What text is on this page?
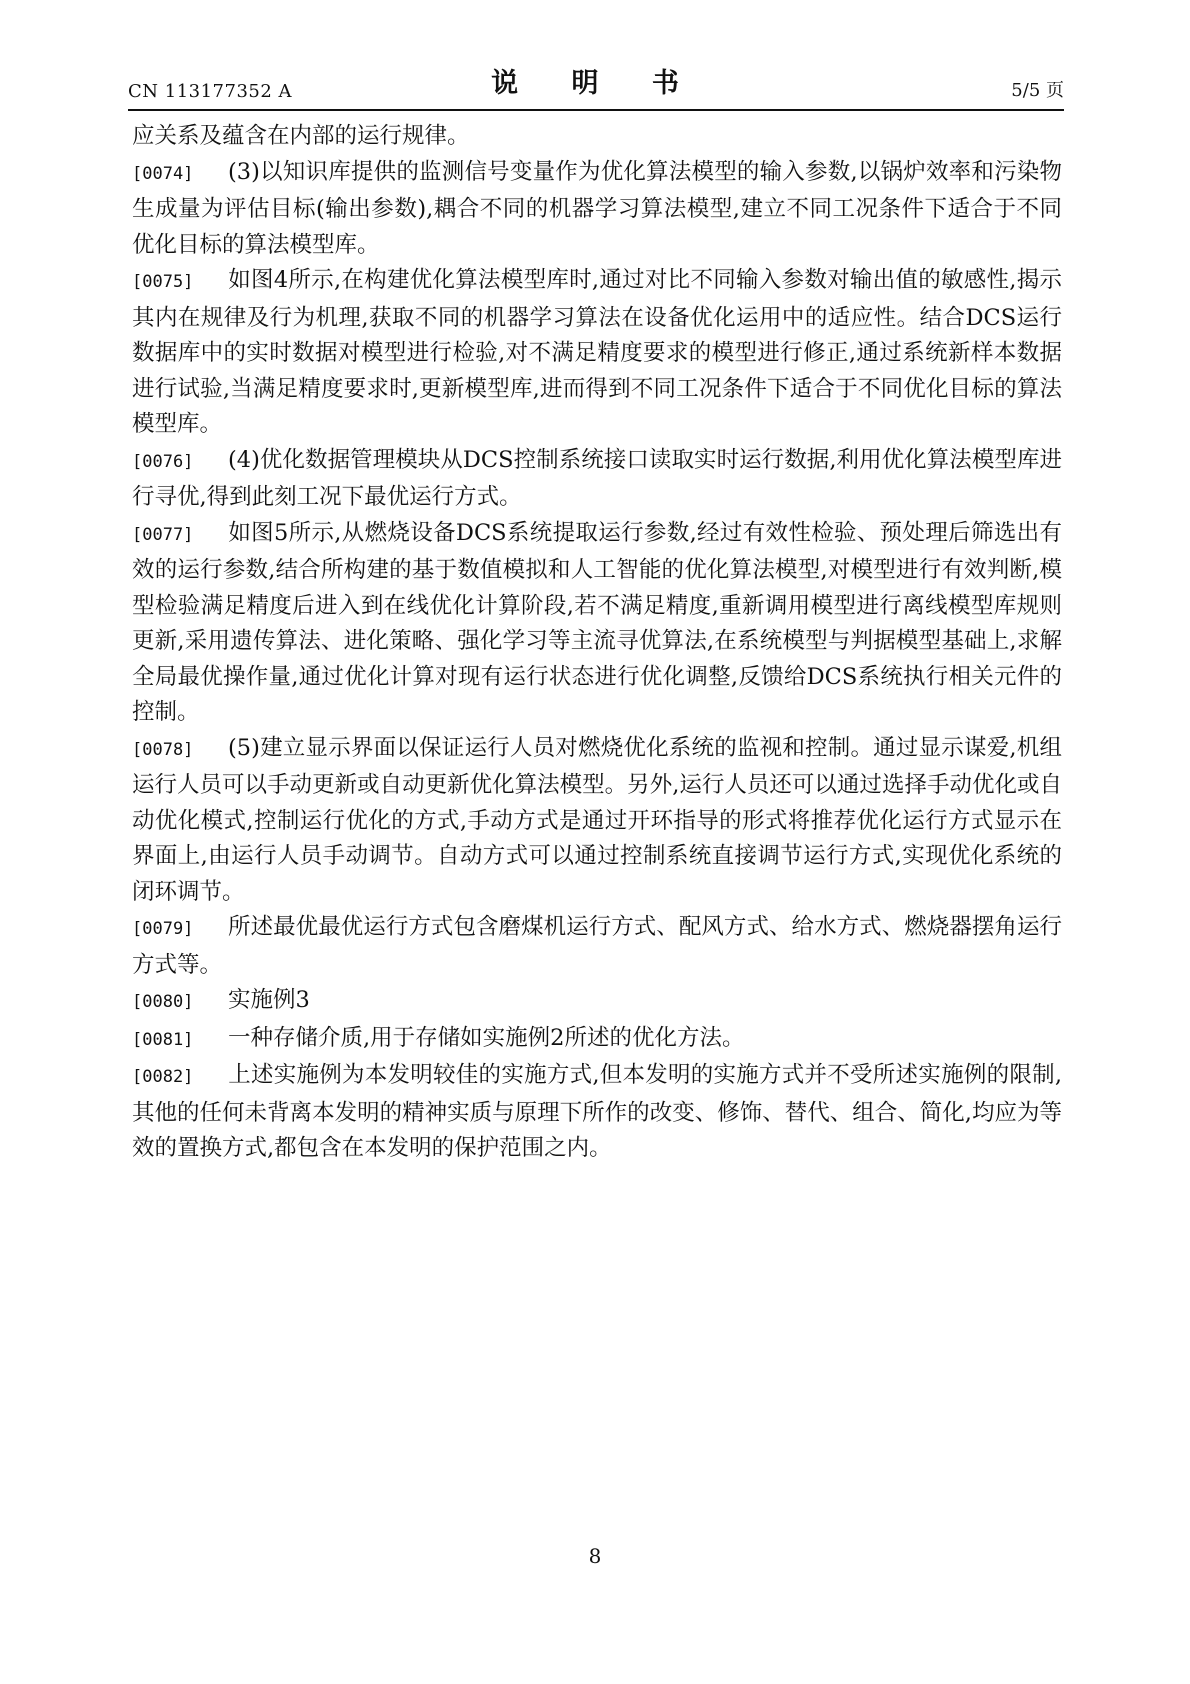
CN 113177352 A	说 明 书	5/5 页

应关系及蕴含在内部的运行规律。

[0074] (3)以知识库提供的监测信号变量作为优化算法模型的输入参数,以锅炉效率和污染物生成量为评估目标(输出参数),耦合不同的机器学习算法模型,建立不同工况条件下适合于不同优化目标的算法模型库。

[0075] 如图4所示,在构建优化算法模型库时,通过对比不同输入参数对输出值的敏感性,揭示其内在规律及行为机理,获取不同的机器学习算法在设备优化运用中的适应性。结合DCS运行数据库中的实时数据对模型进行检验,对不满足精度要求的模型进行修正,通过系统新样本数据进行试验,当满足精度要求时,更新模型库,进而得到不同工况条件下适合于不同优化目标的算法模型库。

[0076] (4)优化数据管理模块从DCS控制系统接口读取实时运行数据,利用优化算法模型库进行寻优,得到此刻工况下最优运行方式。

[0077] 如图5所示,从燃烧设备DCS系统提取运行参数,经过有效性检验、预处理后筛选出有效的运行参数,结合所构建的基于数值模拟和人工智能的优化算法模型,对模型进行有效判断,模型检验满足精度后进入到在线优化计算阶段,若不满足精度,重新调用模型进行离线模型库规则更新,采用遗传算法、进化策略、强化学习等主流寻优算法,在系统模型与判据模型基础上,求解全局最优操作量,通过优化计算对现有运行状态进行优化调整,反馈给DCS系统执行相关元件的控制。

[0078] (5)建立显示界面以保证运行人员对燃烧优化系统的监视和控制。通过显示谋爱,机组运行人员可以手动更新或自动更新优化算法模型。另外,运行人员还可以通过选择手动优化或自动优化模式,控制运行优化的方式,手动方式是通过开环指导的形式将推荐优化运行方式显示在界面上,由运行人员手动调节。自动方式可以通过控制系统直接调节运行方式,实现优化系统的闭环调节。

[0079] 所述最优最优运行方式包含磨煤机运行方式、配风方式、给水方式、燃烧器摆角运行方式等。

[0080] 实施例3

[0081] 一种存储介质,用于存储如实施例2所述的优化方法。

[0082] 上述实施例为本发明较佳的实施方式,但本发明的实施方式并不受所述实施例的限制,其他的任何未背离本发明的精神实质与原理下所作的改变、修饰、替代、组合、简化,均应为等效的置换方式,都包含在本发明的保护范围之内。

8
